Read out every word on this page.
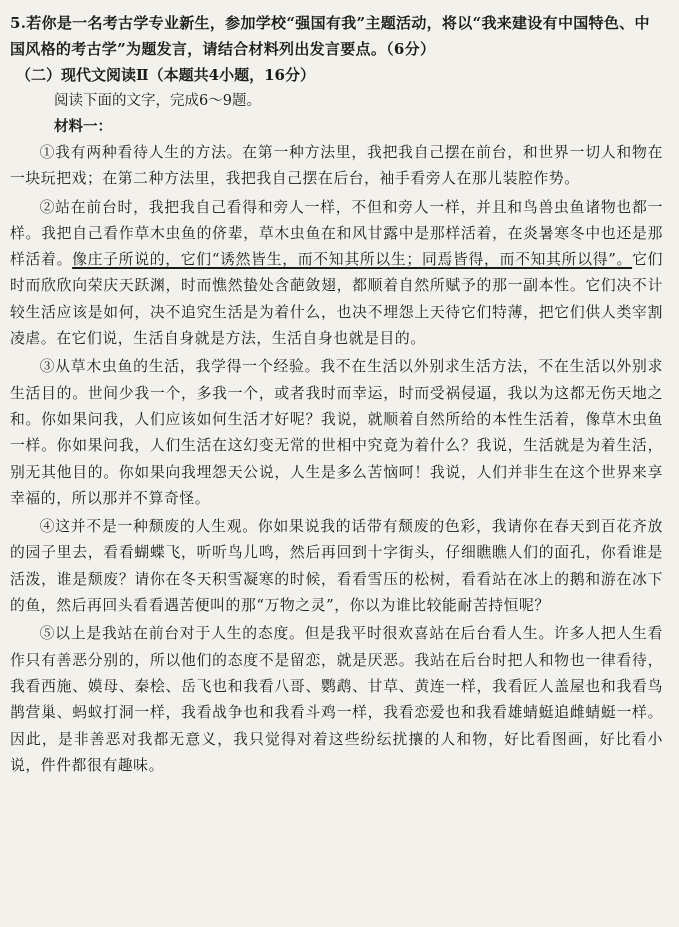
5.若你是一名考古学专业新生，参加学校“强国有我”主题活动，将以“我来建设有中国特色、中国风格的考古学”为题发言，请结合材料列出发言要点。（6分）

（二）现代文阅读Ⅱ（本题共4小题，16分）

阅读下面的文字，完成6～9题。

材料一：

①我有两种看待人生的方法。在第一种方法里，我把我自己摆在前台，和世界一切人和物在一块玩把戏；在第二种方法里，我把我自己摆在后台，袖手看旁人在那儿装腔作势。

②站在前台时，我把我自己看得和旁人一样，不但和旁人一样，并且和鸟兽虫鱼诸物也都一样。我把自己看作草木虫鱼的侪辈，草木虫鱼在和风甘露中是那样活着，在炎暑寒冬中也还是那样活着。像庄子所说的，它们“诱然皆生，而不知其所以生；同焉皆得，而不知其所以得”。它们时而欣欣向荣庆天跃渊，时而憔然蛰处含葩敛翅，都顺着自然所赋予的那一副本性。它们决不计较生活应该是如何，决不追究生活是为着什么，也决不埋怨上天待它们特薄，把它们供人类宰割凌虐。在它们说，生活自身就是方法，生活自身也就是目的。

③从草木虫鱼的生活，我学得一个经验。我不在生活以外别求生活方法，不在生活以外别求生活目的。世间少我一个，多我一个，或者我时而幸运，时而受祸侵逼，我以为这都无伤天地之和。你如果问我，人们应该如何生活才好呢？我说，就顺着自然所给的本性生活着，像草木虫鱼一样。你如果问我，人们生活在这幻变无常的世相中究竟为着什么？我说，生活就是为着生活，别无其他目的。你如果向我埋怨天公说，人生是多么苦恼呵！我说，人们并非生在这个世界来享幸福的，所以那并不算奇怪。

④这并不是一种颓废的人生观。你如果说我的话带有颓废的色彩，我请你在春天到百花齐放的园子里去，看看蝴蝶飞，听听鸟儿鸣，然后再回到十字街头，仔细瞧瞧人们的面孔，你看谁是活泼，谁是颓废？请你在冬天积雪凝寒的时候，看看雪压的松树，看看站在冰上的鹅和游在冰下的鱼，然后再回头看看遇苦便叫的那“万物之灵”，你以为谁比较能耐苦持恒呢？

⑤以上是我站在前台对于人生的态度。但是我平时很欢喜站在后台看人生。许多人把人生看作只有善恶分别的，所以他们的态度不是留恋，就是厌恶。我站在后台时把人和物也一律看待，我看西施、嫫母、秦桧、岳飞也和我看八哥、鹦鹉、甘草、黄连一样，我看匠人盖屋也和我看鸟鹊营巢、蚂蚁打洞一样，我看战争也和我看斗鸡一样，我看恋爱也和我看雄蜻蜓追雌蜻蜓一样。因此，是非善恶对我都无意义，我只觉得对着这些纷纭扰攘的人和物，好比看图画，好比看小说，件件都很有趣味。
